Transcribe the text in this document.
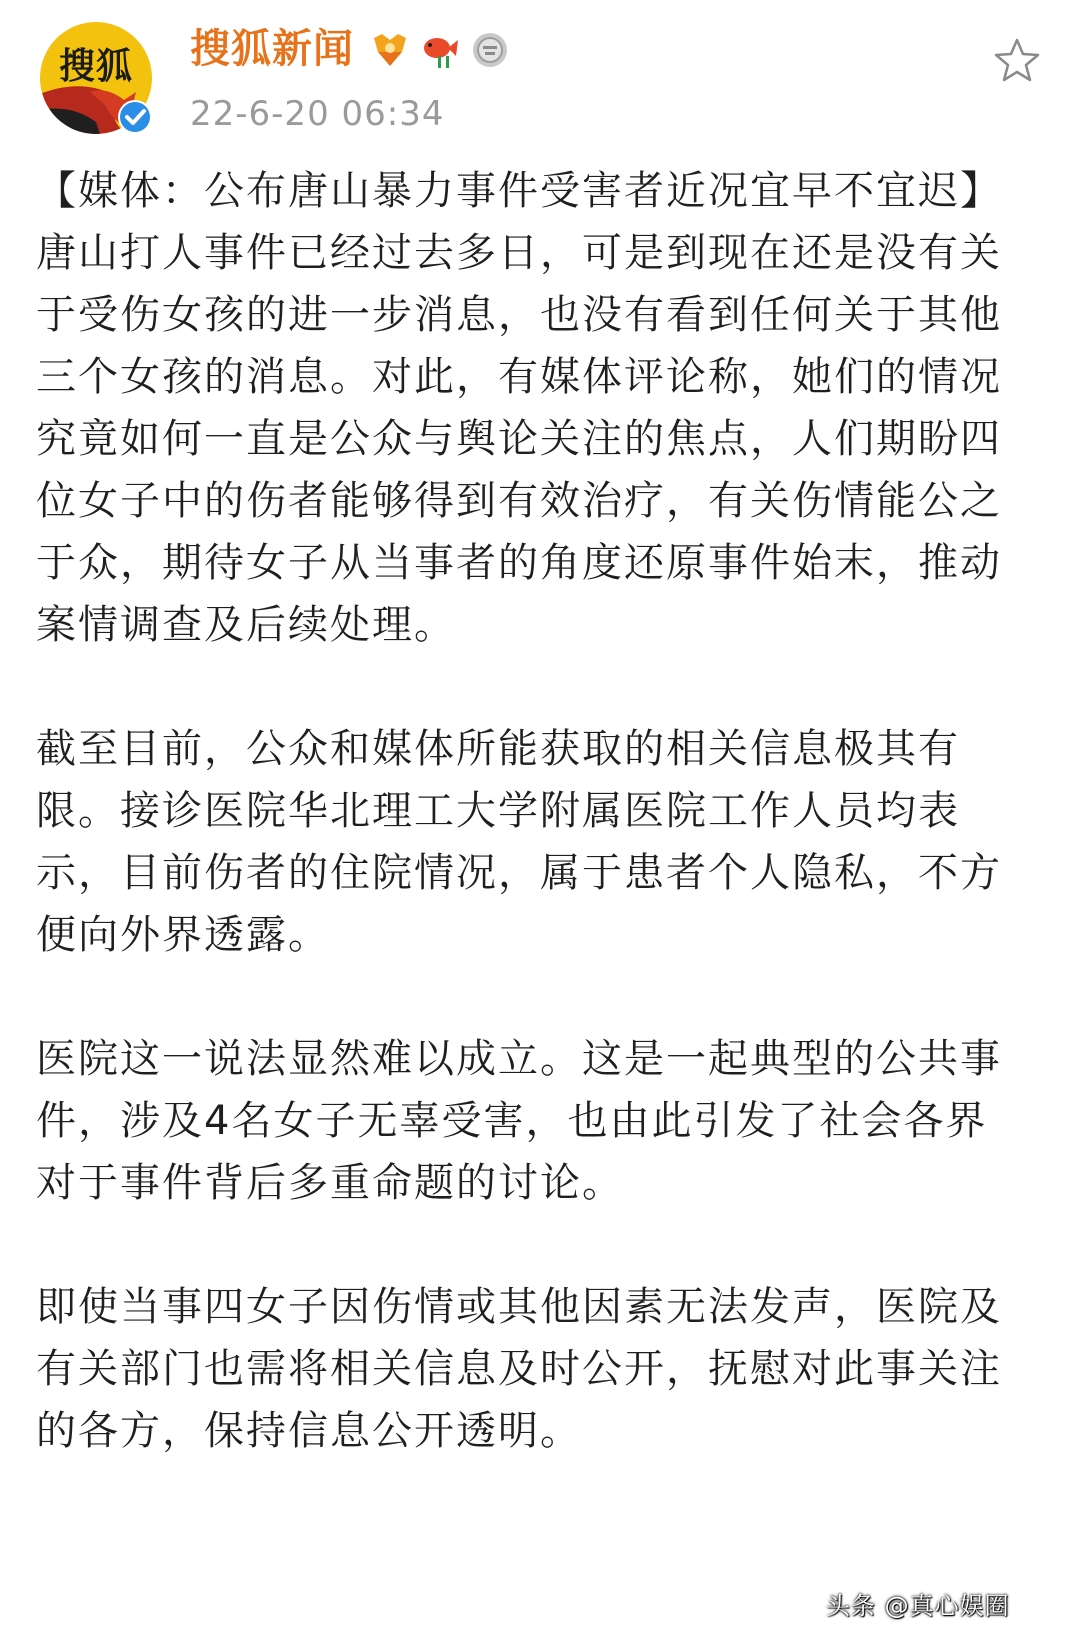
搜狐	搜狐新闻
22-6-20 06:34

【媒体：公布唐山暴力事件受害者近况宜早不宜迟】 唐山打人事件已经过去多日，可是到现在还是没有关于受伤女孩的进一步消息，也没有看到任何关于其他三个女孩的消息。对此，有媒体评论称，她们的情况究竟如何一直是公众与舆论关注的焦点，人们期盼四位女子中的伤者能够得到有效治疗，有关伤情能公之于众，期待女子从当事者的角度还原事件始末，推动案情调查及后续处理。

截至目前，公众和媒体所能获取的相关信息极其有限。接诊医院华北理工大学附属医院工作人员均表示，目前伤者的住院情况，属于患者个人隐私，不方便向外界透露。

医院这一说法显然难以成立。这是一起典型的公共事件，涉及4名女子无辜受害，也由此引发了社会各界对于事件背后多重命题的讨论。

即使当事四女子因伤情或其他因素无法发声，医院及有关部门也需将相关信息及时公开，抚慰对此事关注的各方，保持信息公开透明。

头条 @真心娱圈
